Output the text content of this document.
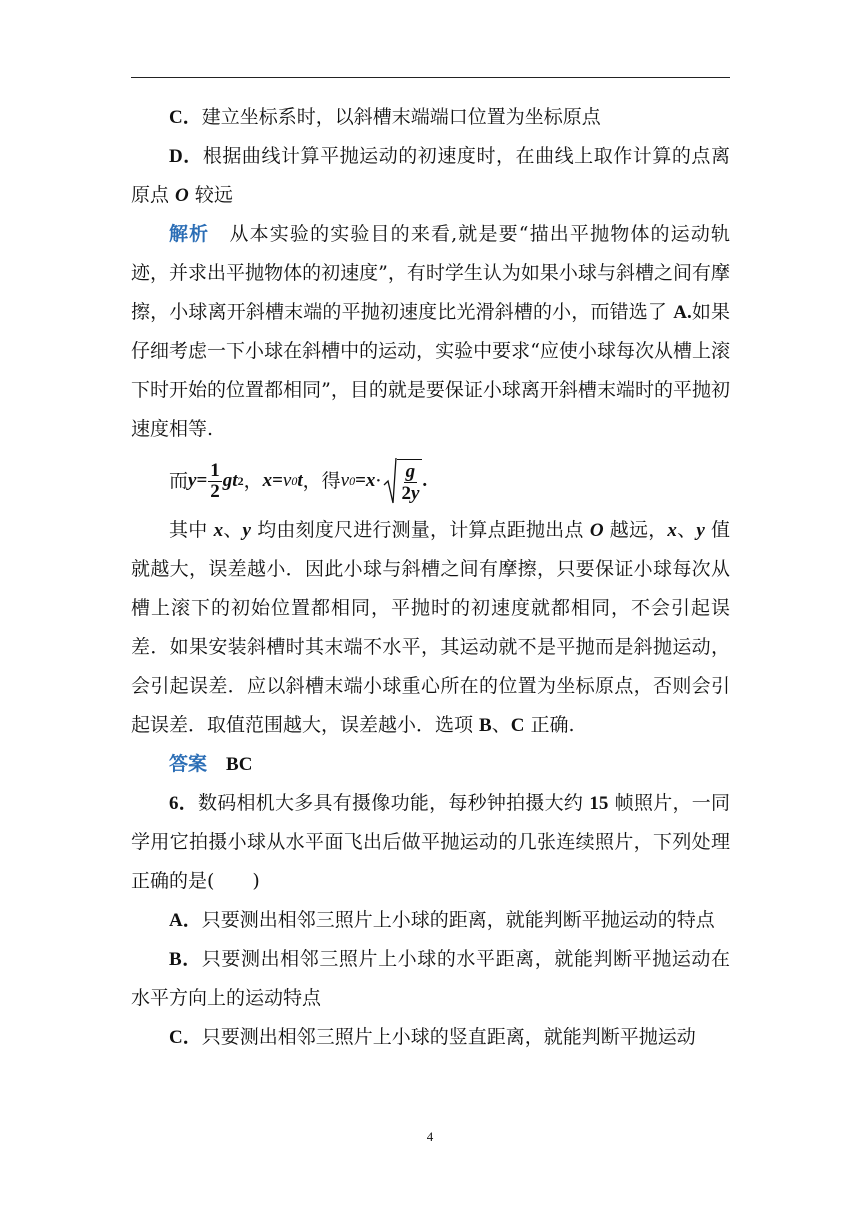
C．建立坐标系时，以斜槽末端端口位置为坐标原点

D．根据曲线计算平抛运动的初速度时，在曲线上取作计算的点离原点 O 较远

解析　从本实验的实验目的来看,就是要“描出平抛物体的运动轨迹，并求出平抛物体的初速度”，有时学生认为如果小球与斜槽之间有摩擦，小球离开斜槽末端的平抛初速度比光滑斜槽的小，而错选了 A.如果仔细考虑一下小球在斜槽中的运动，实验中要求“应使小球每次从槽上滚下时开始的位置都相同”，目的就是要保证小球离开斜槽末端时的平抛初速度相等.

而 $y = \frac{1}{2}$ g t 2 ， x = v 0 t ，得 v $0 = x \cdot \frac{g}{2y}$ .

其中 x、y 均由刻度尺进行测量，计算点距抛出点 O 越远，x、y 值就越大，误差越小．因此小球与斜槽之间有摩擦，只要保证小球每次从槽上滚下的初始位置都相同，平抛时的初速度就都相同，不会引起误差．如果安装斜槽时其末端不水平，其运动就不是平抛而是斜抛运动，会引起误差．应以斜槽末端小球重心所在的位置为坐标原点，否则会引起误差．取值范围越大，误差越小．选项 B、C 正确.

答案　BC

6．数码相机大多具有摄像功能，每秒钟拍摄大约 15 帧照片，一同学用它拍摄小球从水平面飞出后做平抛运动的几张连续照片，下列处理正确的是(　　)

A．只要测出相邻三照片上小球的距离，就能判断平抛运动的特点

B．只要测出相邻三照片上小球的水平距离，就能判断平抛运动在水平方向上的运动特点

C．只要测出相邻三照片上小球的竖直距离，就能判断平抛运动

4
